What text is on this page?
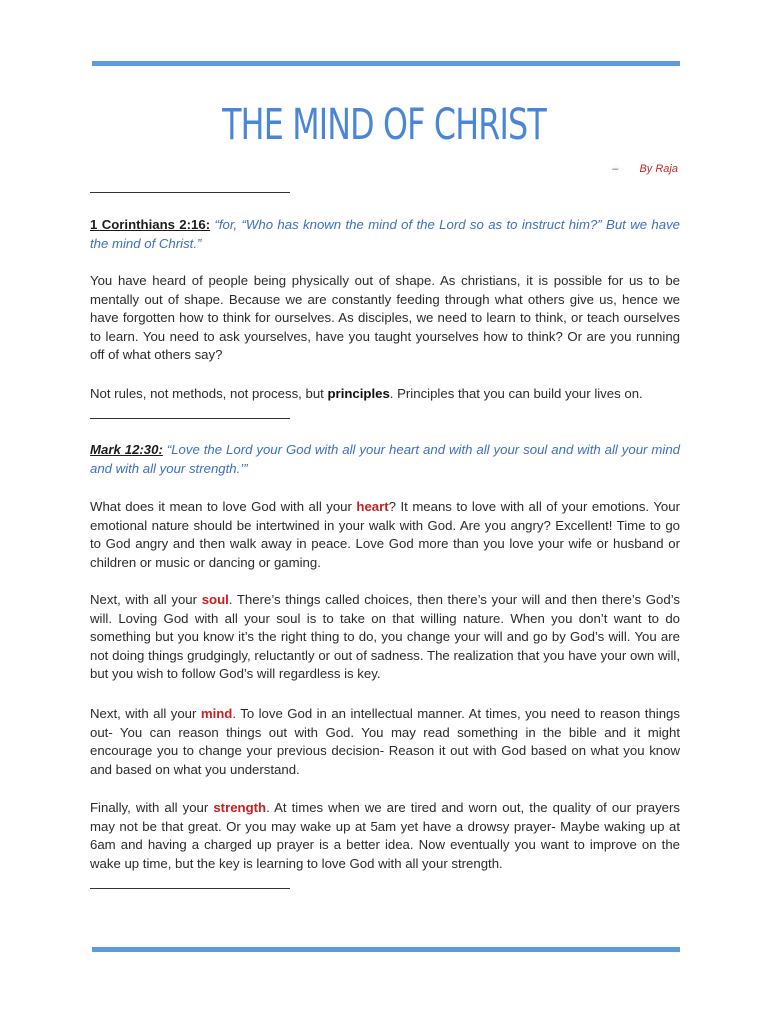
THE MIND OF CHRIST
– By Raja

1 Corinthians 2:16: “for, “Who has known the mind of the Lord so as to instruct him?” But we have the mind of Christ.”

You have heard of people being physically out of shape. As christians, it is possible for us to be mentally out of shape. Because we are constantly feeding through what others give us, hence we have forgotten how to think for ourselves. As disciples, we need to learn to think, or teach ourselves to learn. You need to ask yourselves, have you taught yourselves how to think? Or are you running off of what others say?

Not rules, not methods, not process, but principles. Principles that you can build your lives on.

Mark 12:30: “Love the Lord your God with all your heart and with all your soul and with all your mind and with all your strength.’”

What does it mean to love God with all your heart? It means to love with all of your emotions. Your emotional nature should be intertwined in your walk with God. Are you angry? Excellent! Time to go to God angry and then walk away in peace. Love God more than you love your wife or husband or children or music or dancing or gaming.

Next, with all your soul. There’s things called choices, then there’s your will and then there’s God’s will. Loving God with all your soul is to take on that willing nature. When you don’t want to do something but you know it’s the right thing to do, you change your will and go by God’s will. You are not doing things grudgingly, reluctantly or out of sadness. The realization that you have your own will, but you wish to follow God’s will regardless is key.

Next, with all your mind. To love God in an intellectual manner. At times, you need to reason things out- You can reason things out with God. You may read something in the bible and it might encourage you to change your previous decision- Reason it out with God based on what you know and based on what you understand.

Finally, with all your strength. At times when we are tired and worn out, the quality of our prayers may not be that great. Or you may wake up at 5am yet have a drowsy prayer- Maybe waking up at 6am and having a charged up prayer is a better idea. Now eventually you want to improve on the wake up time, but the key is learning to love God with all your strength.
